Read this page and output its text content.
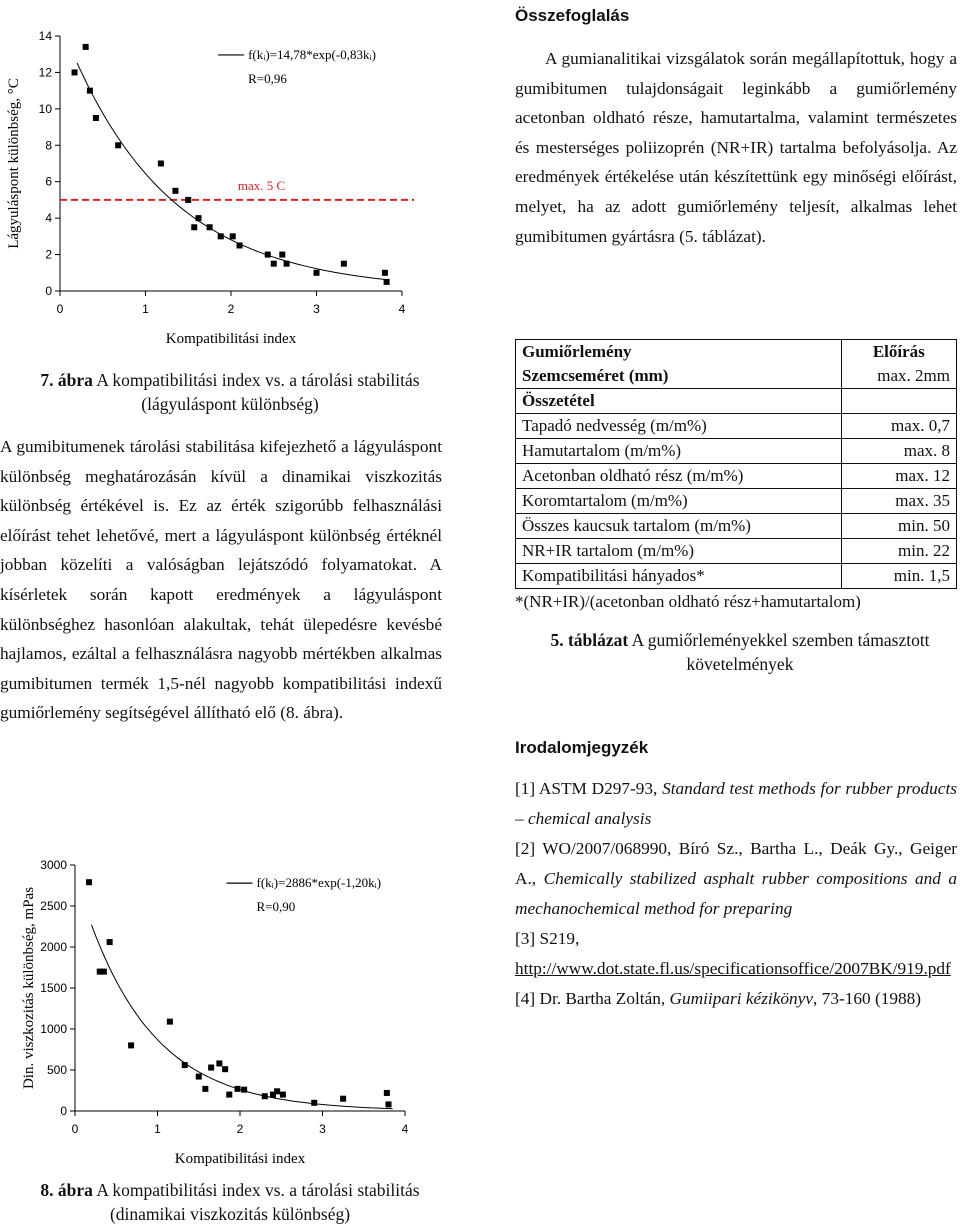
0
2
4
6
8
10
12
14
0	1	2	3	4
Kompatibilitási index
Lágyuláspont különbség, °C	max. 5 C
f(kᵢ)=14,78*exp(-0,83kᵢ)
R=0,96

7. ábra A kompatibilitási index vs. a tárolási stabilitás (lágyuláspont különbség)

A gumibitumenek tárolási stabilitása kifejezhető a lágyuláspont különbség meghatározásán kívül a dinamikai viszkozitás különbség értékével is. Ez az érték szigorúbb felhasználási előírást tehet lehetővé, mert a lágyuláspont különbség értéknél jobban közelíti a valóságban lejátszódó folyamatokat. A kísérletek során kapott eredmények a lágyuláspont különbséghez hasonlóan alakultak, tehát ülepedésre kevésbé hajlamos, ezáltal a felhasználásra nagyobb mértékben alkalmas gumibitumen termék 1,5-nél nagyobb kompatibilitási indexű gumiőrlemény segítségével állítható elő (8. ábra).

0
500
1000
1500
2000
2500
3000
0	1	2	3	4
Kompatibilitási index
Din. viszkozitás különbség, mPas
f(kᵢ)=2886*exp(-1,20kᵢ)
R=0,90

8. ábra A kompatibilitási index vs. a tárolási stabilitás (dinamikai viszkozitás különbség)

Összefoglalás

A gumianalitikai vizsgálatok során megállapítottuk, hogy a gumibitumen tulajdonságait leginkább a gumiőrlemény acetonban oldható része, hamutartalma, valamint természetes és mesterséges poliizoprén (NR+IR) tartalma befolyásolja. Az eredmények értékelése után készítettünk egy minőségi előírást, melyet, ha az adott gumiőrlemény teljesít, alkalmas lehet gumibitumen gyártásra (5. táblázat).

Gumiőrlemény	Előírás
Szemcseméret (mm)	max. 2mm
Összetétel	
Tapadó nedvesség (m/m%)	max. 0,7
Hamutartalom (m/m%)	max. 8
Acetonban oldható rész (m/m%)	max. 12
Koromtartalom (m/m%)	max. 35
Összes kaucsuk tartalom (m/m%)	min. 50
NR+IR tartalom (m/m%)	min. 22
Kompatibilitási hányados*	min. 1,5
*(NR+IR)/(acetonban oldható rész+hamutartalom)

5. táblázat A gumiőrleményekkel szemben támasztott követelmények

Irodalomjegyzék

[1] ASTM D297-93, Standard test methods for rubber products – chemical analysis

[2] WO/2007/068990, Bíró Sz., Bartha L., Deák Gy., Geiger A., Chemically stabilized asphalt rubber compositions and a mechanochemical method for preparing

[3] S219,
http://www.dot.state.fl.us/specificationsoffice/2007BK/919.pdf

[4] Dr. Bartha Zoltán, Gumiipari kézikönyv, 73-160 (1988)
